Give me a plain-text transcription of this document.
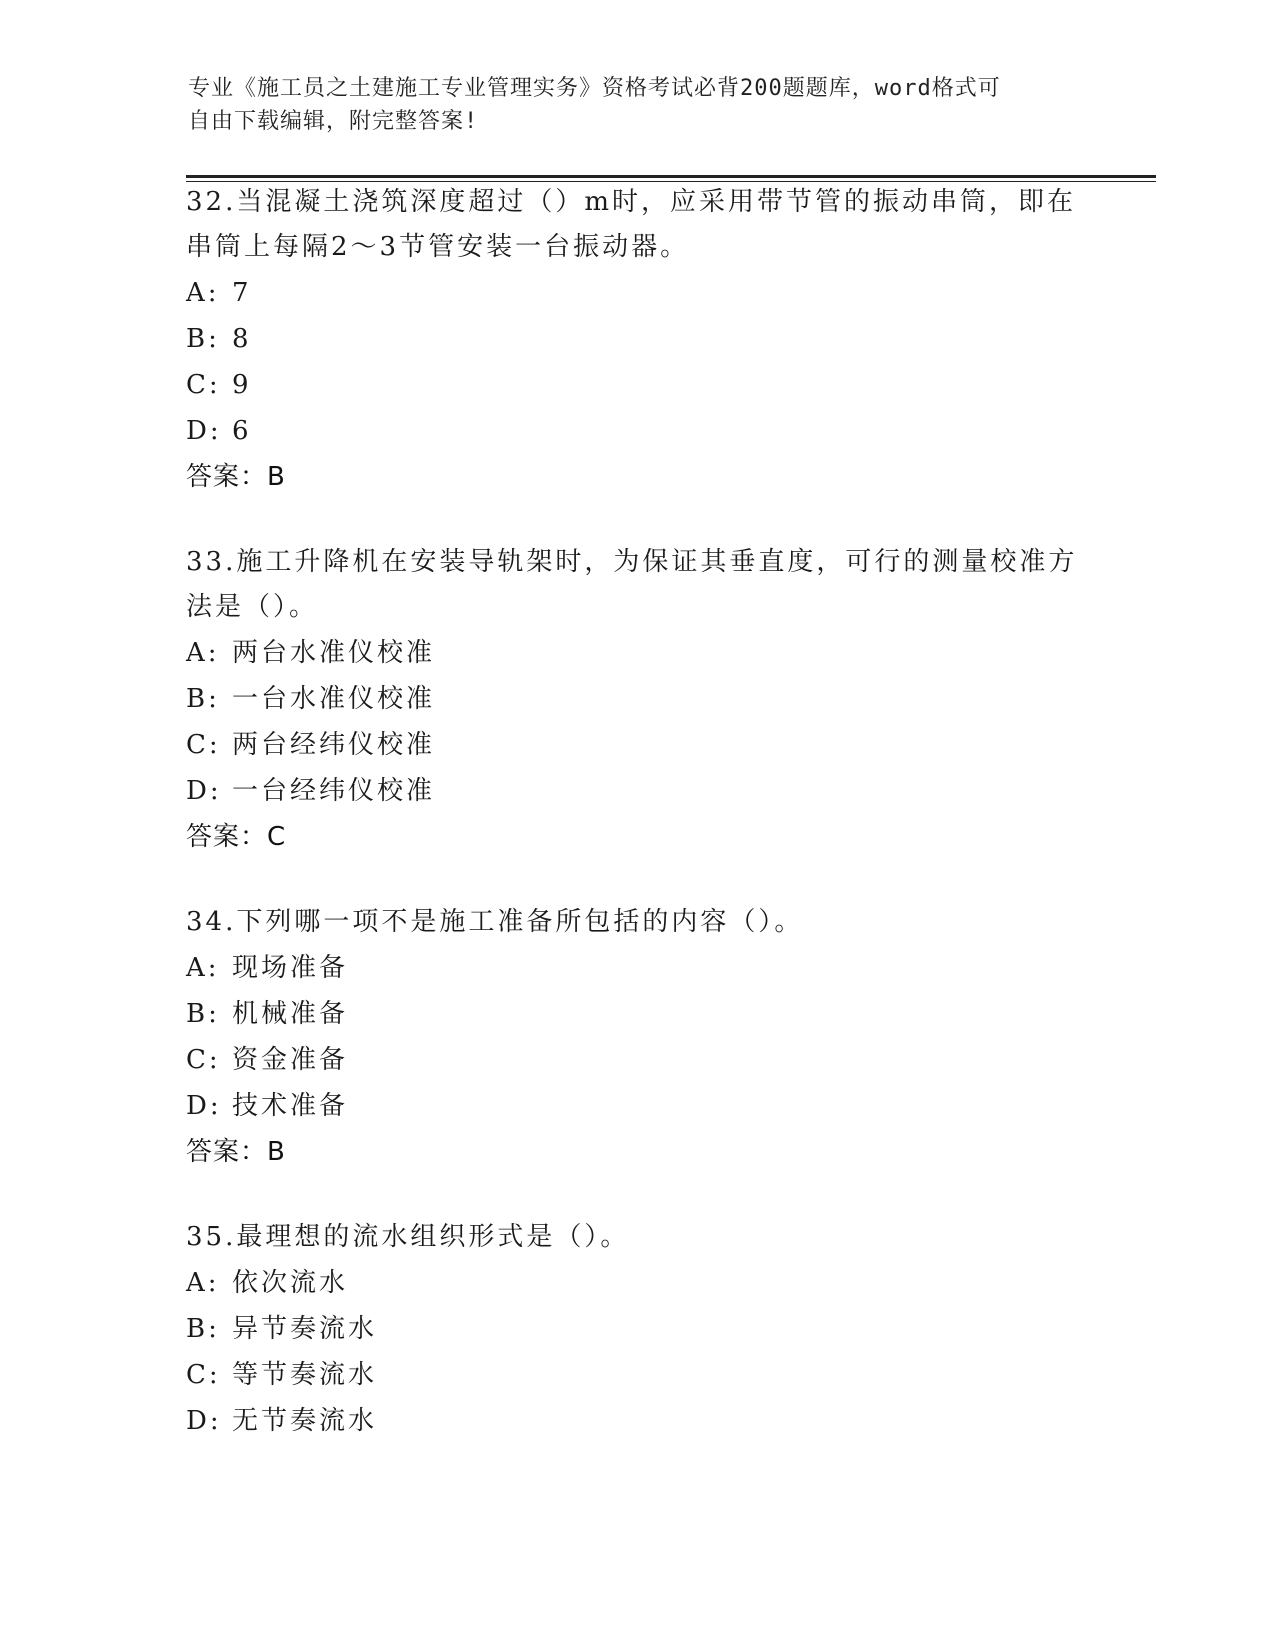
专业《施工员之土建施工专业管理实务》资格考试必背200题题库，word格式可
自由下载编辑，附完整答案!

32.当混凝土浇筑深度超过（）m时，应采用带节管的振动串筒，即在

串筒上每隔2～3节管安装一台振动器。

A: 7

B: 8

C: 9

D: 6

答案：B

33.施工升降机在安装导轨架时，为保证其垂直度，可行的测量校准方

法是（）。

A: 两台水准仪校准

B: 一台水准仪校准

C: 两台经纬仪校准

D: 一台经纬仪校准

答案：C

34.下列哪一项不是施工准备所包括的内容（）。

A: 现场准备

B: 机械准备

C: 资金准备

D: 技术准备

答案：B

35.最理想的流水组织形式是（）。

A: 依次流水

B: 异节奏流水

C: 等节奏流水

D: 无节奏流水
